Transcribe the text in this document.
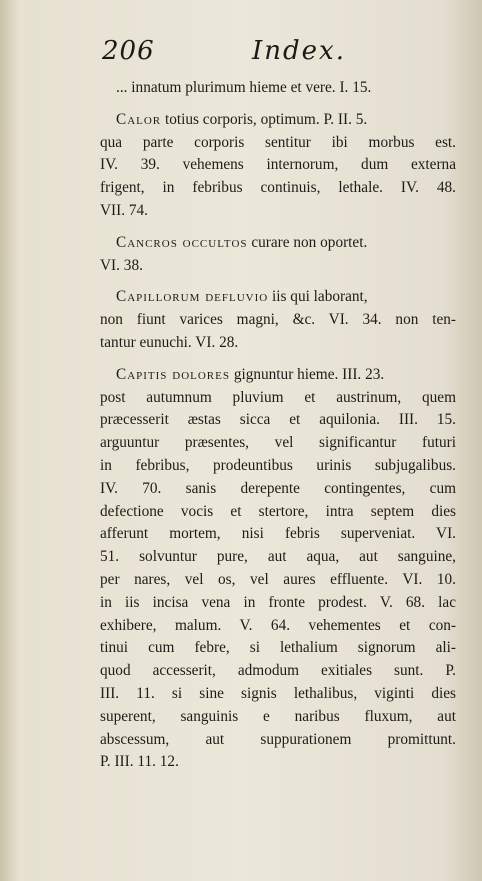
206	Index.
... innatum plurimum hieme et vere. I. 15.
Calor totius corporis, optimum. P. II. 5.
qua parte corporis sentitur ibi morbus est.
IV. 39. vehemens internorum, dum externa
frigent, in febribus continuis, lethale. IV. 48.
VII. 74.
Cancros occultos curare non oportet.
VI. 38.
Capillorum defluvio iis qui laborant,
non fiunt varices magni, &c. VI. 34. non ten-
tantur eunuchi. VI. 28.
Capitis dolores gignuntur hieme. III. 23.
post autumnum pluvium et austrinum, quem
præcesserit æstas sicca et aquilonia. III. 15.
arguuntur præsentes, vel significantur futuri
in febribus, prodeuntibus urinis subjugalibus.
IV. 70. sanis derepente contingentes, cum
defectione vocis et stertore, intra septem dies
afferunt mortem, nisi febris superveniat. VI.
51. solvuntur pure, aut aqua, aut sanguine,
per nares, vel os, vel aures effluente. VI. 10.
in iis incisa vena in fronte prodest. V. 68. lac
exhibere, malum. V. 64. vehementes et con-
tinui cum febre, si lethalium signorum ali-
quod accesserit, admodum exitiales sunt. P.
III. 11. si sine signis lethalibus, viginti dies
superent, sanguinis e naribus fluxum, aut
abscessum, aut suppurationem promittunt.
P. III. 11. 12.
